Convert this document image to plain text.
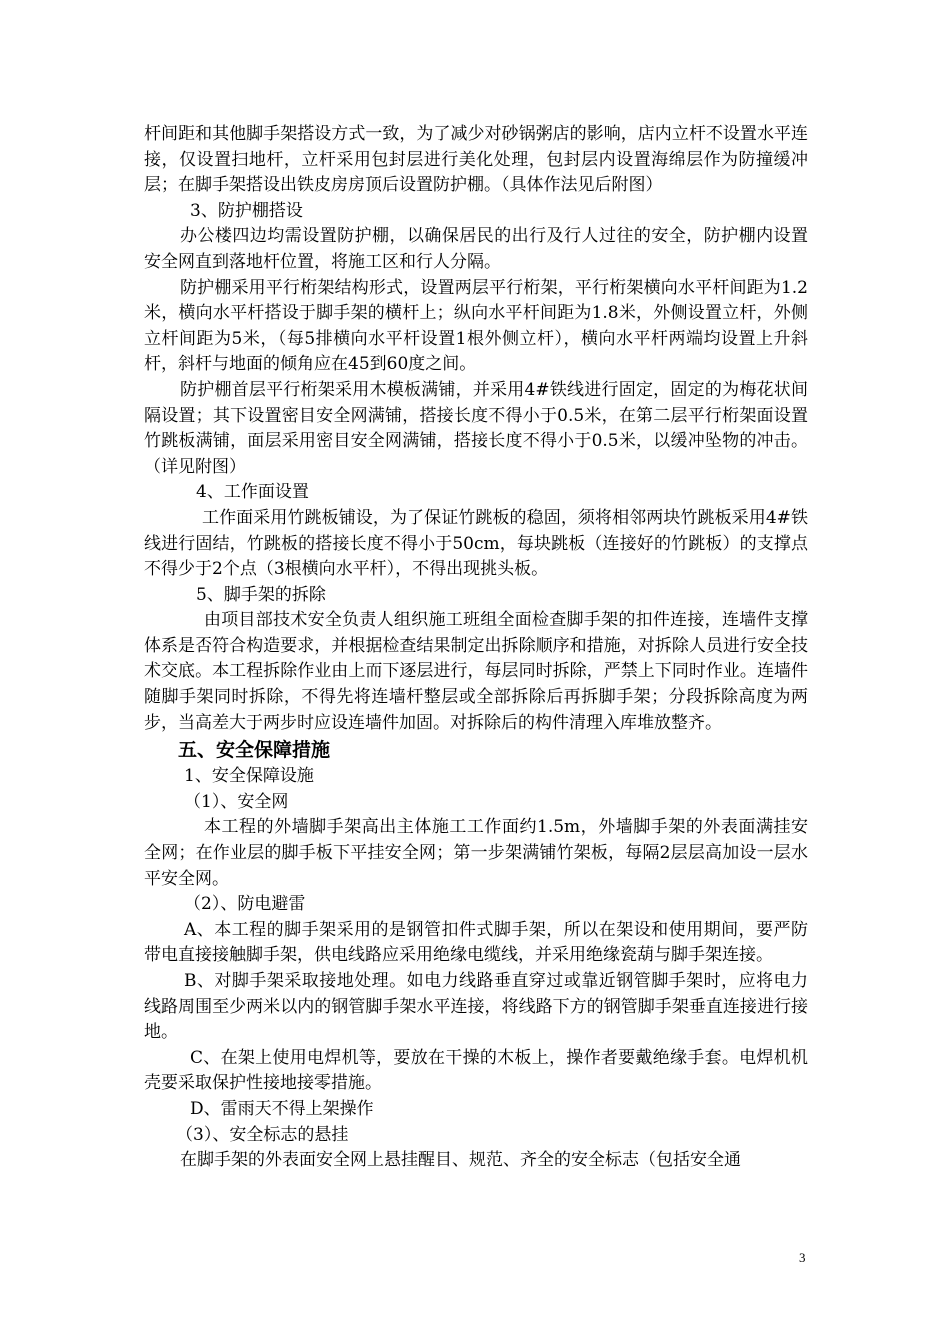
杆间距和其他脚手架搭设方式一致，为了减少对砂锅粥店的影响，店内立杆不设置水平连接，仅设置扫地杆，立杆采用包封层进行美化处理，包封层内设置海绵层作为防撞缓冲层；在脚手架搭设出铁皮房房顶后设置防护棚。（具体作法见后附图）

3、防护棚搭设

办公楼四边均需设置防护棚，以确保居民的出行及行人过往的安全，防护棚内设置安全网直到落地杆位置，将施工区和行人分隔。

防护棚采用平行桁架结构形式，设置两层平行桁架，平行桁架横向水平杆间距为1.2米，横向水平杆搭设于脚手架的横杆上；纵向水平杆间距为1.8米，外侧设置立杆，外侧立杆间距为5米，（每5排横向水平杆设置1根外侧立杆），横向水平杆两端均设置上升斜杆，斜杆与地面的倾角应在45到60度之间。

防护棚首层平行桁架采用木模板满铺，并采用4#铁线进行固定，固定的为梅花状间隔设置；其下设置密目安全网满铺，搭接长度不得小于0.5米，在第二层平行桁架面设置竹跳板满铺，面层采用密目安全网满铺，搭接长度不得小于0.5米，以缓冲坠物的冲击。（详见附图）

4、工作面设置

工作面采用竹跳板铺设，为了保证竹跳板的稳固，须将相邻两块竹跳板采用4#铁线进行固结，竹跳板的搭接长度不得小于50cm，每块跳板（连接好的竹跳板）的支撑点不得少于2个点（3根横向水平杆），不得出现挑头板。

5、脚手架的拆除

由项目部技术安全负责人组织施工班组全面检查脚手架的扣件连接，连墙件支撑体系是否符合构造要求，并根据检查结果制定出拆除顺序和措施，对拆除人员进行安全技术交底。本工程拆除作业由上而下逐层进行，每层同时拆除，严禁上下同时作业。连墙件随脚手架同时拆除，不得先将连墙杆整层或全部拆除后再拆脚手架；分段拆除高度为两步，当高差大于两步时应设连墙件加固。对拆除后的构件清理入库堆放整齐。

五、安全保障措施

1、安全保障设施

（1）、安全网

本工程的外墙脚手架高出主体施工工作面约1.5m，外墙脚手架的外表面满挂安全网；在作业层的脚手板下平挂安全网；第一步架满铺竹架板，每隔2层层高加设一层水平安全网。

（2）、防电避雷

A、本工程的脚手架采用的是钢管扣件式脚手架，所以在架设和使用期间，要严防带电直接接触脚手架，供电线路应采用绝缘电缆线，并采用绝缘瓷葫与脚手架连接。

B、对脚手架采取接地处理。如电力线路垂直穿过或靠近钢管脚手架时，应将电力线路周围至少两米以内的钢管脚手架水平连接，将线路下方的钢管脚手架垂直连接进行接地。

C、在架上使用电焊机等，要放在干操的木板上，操作者要戴绝缘手套。电焊机机壳要采取保护性接地接零措施。

D、雷雨天不得上架操作

（3）、安全标志的悬挂

在脚手架的外表面安全网上悬挂醒目、规范、齐全的安全标志（包括安全通

3
